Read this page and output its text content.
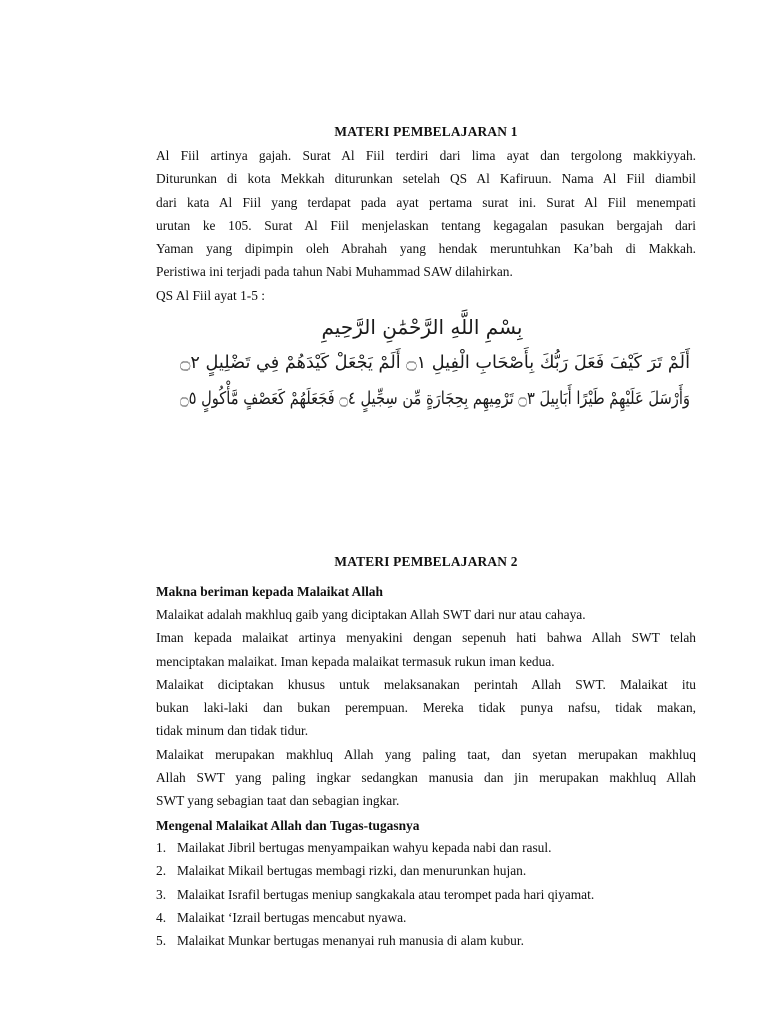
MATERI PEMBELAJARAN 1
Al Fiil artinya gajah. Surat Al Fiil terdiri dari lima ayat dan tergolong makkiyyah.
Diturunkan di kota Mekkah diturunkan setelah QS Al Kafiruun. Nama Al Fiil diambil
dari kata Al Fiil yang terdapat pada ayat pertama surat ini. Surat Al Fiil menempati
urutan ke 105. Surat Al Fiil menjelaskan tentang kegagalan pasukan bergajah dari
Yaman yang dipimpin oleh Abrahah yang hendak meruntuhkan Ka’bah di Makkah.
Peristiwa ini terjadi pada tahun Nabi Muhammad SAW dilahirkan.
QS Al Fiil ayat 1-5 :
بِسْمِ اللَّهِ الرَّحْمَٰنِ الرَّحِيمِ
أَلَمْ تَرَ كَيْفَ فَعَلَ رَبُّكَ بِأَصْحَابِ الْفِيلِ ۝١ أَلَمْ يَجْعَلْ كَيْدَهُمْ فِي تَضْلِيلٍ ۝٢
وَأَرْسَلَ عَلَيْهِمْ طَيْرًا أَبَابِيلَ ۝٣ تَرْمِيهِم بِحِجَارَةٍ مِّن سِجِّيلٍ ۝٤ فَجَعَلَهُمْ كَعَصْفٍ مَّأْكُولٍ ۝٥
MATERI PEMBELAJARAN 2
Makna beriman kepada Malaikat Allah
Malaikat adalah makhluq gaib yang diciptakan Allah SWT dari nur atau cahaya.
Iman kepada malaikat artinya menyakini dengan sepenuh hati bahwa Allah SWT telah
menciptakan malaikat. Iman kepada malaikat termasuk rukun iman kedua.
Malaikat diciptakan khusus untuk melaksanakan perintah Allah SWT. Malaikat itu
bukan laki-laki dan bukan perempuan. Mereka tidak punya nafsu, tidak makan,
tidak minum dan tidak tidur.
Malaikat merupakan makhluq Allah yang paling taat, dan syetan merupakan makhluq
Allah SWT yang paling ingkar sedangkan manusia dan jin merupakan makhluq Allah
SWT yang sebagian taat dan sebagian ingkar.
Mengenal Malaikat Allah dan Tugas-tugasnya
1. Mailakat Jibril bertugas menyampaikan wahyu kepada nabi dan rasul.
2. Malaikat Mikail bertugas membagi rizki, dan menurunkan hujan.
3. Malaikat Israfil bertugas meniup sangkakala atau terompet pada hari qiyamat.
4. Malaikat ‘Izrail bertugas mencabut nyawa.
5. Malaikat Munkar bertugas menanyai ruh manusia di alam kubur.
